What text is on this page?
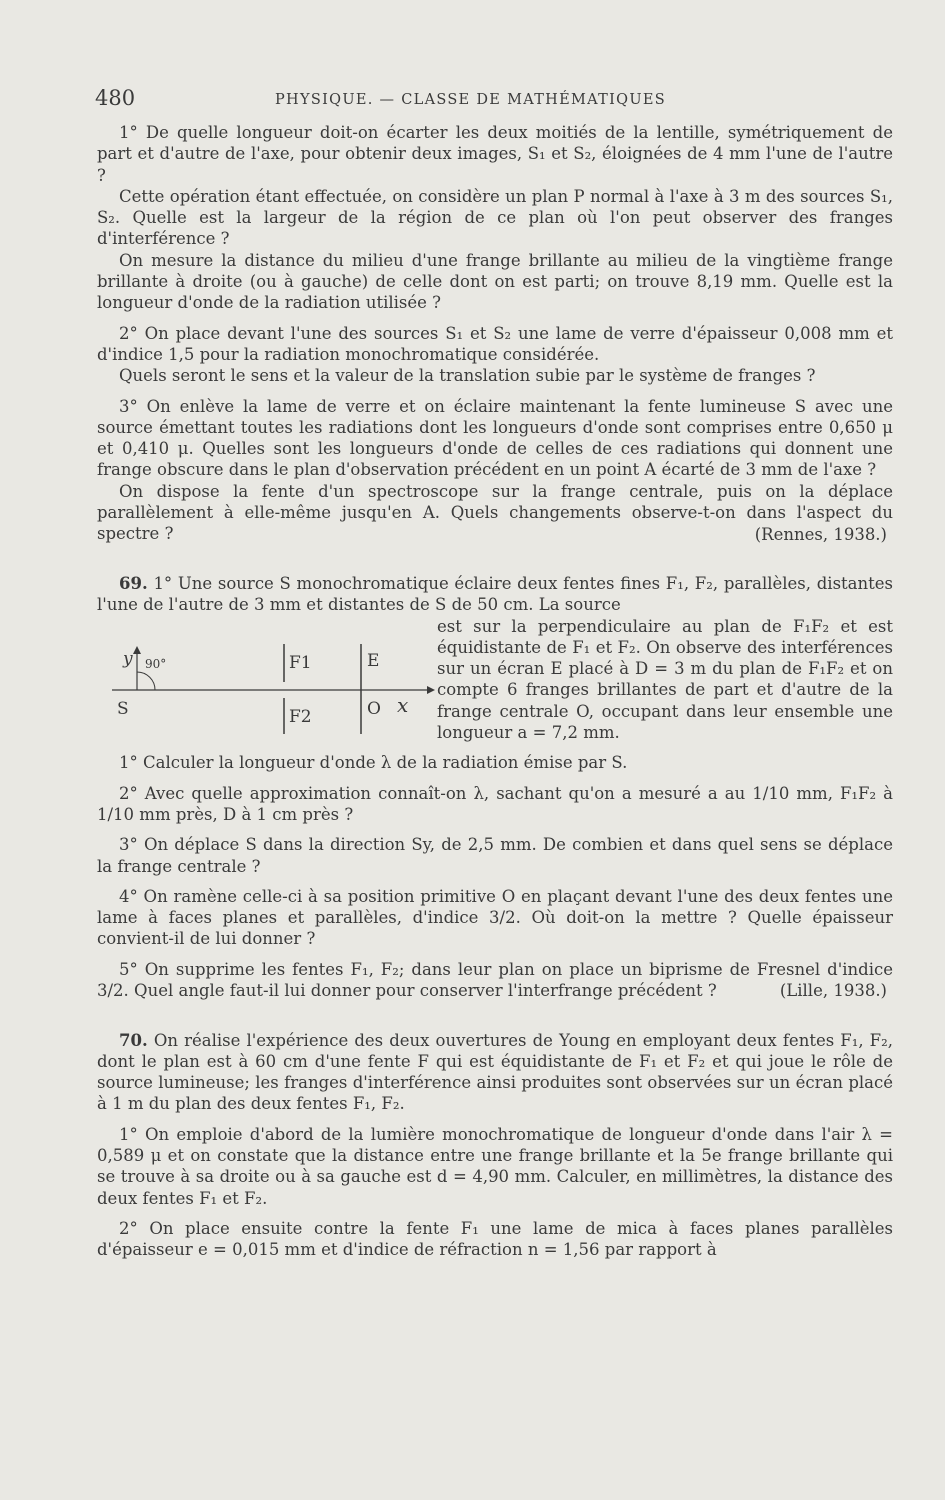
480	PHYSIQUE. — CLASSE DE MATHÉMATIQUES

1° De quelle longueur doit-on écarter les deux moitiés de la lentille, symétriquement de part et d'autre de l'axe, pour obtenir deux images, S₁ et S₂, éloignées de 4 mm l'une de l'autre ?

Cette opération étant effectuée, on considère un plan P normal à l'axe à 3 m des sources S₁, S₂. Quelle est la largeur de la région de ce plan où l'on peut observer des franges d'interférence ?

On mesure la distance du milieu d'une frange brillante au milieu de la vingtième frange brillante à droite (ou à gauche) de celle dont on est parti; on trouve 8,19 mm. Quelle est la longueur d'onde de la radiation utilisée ?

2° On place devant l'une des sources S₁ et S₂ une lame de verre d'épaisseur 0,008 mm et d'indice 1,5 pour la radiation monochromatique considérée.

Quels seront le sens et la valeur de la translation subie par le système de franges ?

3° On enlève la lame de verre et on éclaire maintenant la fente lumineuse S avec une source émettant toutes les radiations dont les longueurs d'onde sont comprises entre 0,650 μ et 0,410 μ. Quelles sont les longueurs d'onde de celles de ces radiations qui donnent une frange obscure dans le plan d'observation précédent en un point A écarté de 3 mm de l'axe ?

On dispose la fente d'un spectroscope sur la frange centrale, puis on la déplace parallèlement à elle-même jusqu'en A. Quels changements observe-t-on dans l'aspect du spectre ?	(Rennes, 1938.)

69. 1° Une source S monochromatique éclaire deux fentes fines F₁, F₂, parallèles, distantes l'une de l'autre de 3 mm et distantes de S de 50 cm. La source

y 90°
S
F1
F2
E
O x

est sur la perpendiculaire au plan de F₁F₂ et est équidistante de F₁ et F₂. On observe des interférences sur un écran E placé à D = 3 m du plan de F₁F₂ et on compte 6 franges brillantes de part et d'autre de la frange centrale O, occupant dans leur ensemble une longueur a = 7,2 mm.

1° Calculer la longueur d'onde λ de la radiation émise par S.

2° Avec quelle approximation connaît-on λ, sachant qu'on a mesuré a au 1/10 mm, F₁F₂ à 1/10 mm près, D à 1 cm près ?

3° On déplace S dans la direction Sy, de 2,5 mm. De combien et dans quel sens se déplace la frange centrale ?

4° On ramène celle-ci à sa position primitive O en plaçant devant l'une des deux fentes une lame à faces planes et parallèles, d'indice 3/2. Où doit-on la mettre ? Quelle épaisseur convient-il de lui donner ?

5° On supprime les fentes F₁, F₂; dans leur plan on place un biprisme de Fresnel d'indice 3/2. Quel angle faut-il lui donner pour conserver l'interfrange précédent ?	(Lille, 1938.)

70. On réalise l'expérience des deux ouvertures de Young en employant deux fentes F₁, F₂, dont le plan est à 60 cm d'une fente F qui est équidistante de F₁ et F₂ et qui joue le rôle de source lumineuse; les franges d'interférence ainsi produites sont observées sur un écran placé à 1 m du plan des deux fentes F₁, F₂.

1° On emploie d'abord de la lumière monochromatique de longueur d'onde dans l'air λ = 0,589 μ et on constate que la distance entre une frange brillante et la 5e frange brillante qui se trouve à sa droite ou à sa gauche est d = 4,90 mm. Calculer, en millimètres, la distance des deux fentes F₁ et F₂.

2° On place ensuite contre la fente F₁ une lame de mica à faces planes parallèles d'épaisseur e = 0,015 mm et d'indice de réfraction n = 1,56 par rapport à
